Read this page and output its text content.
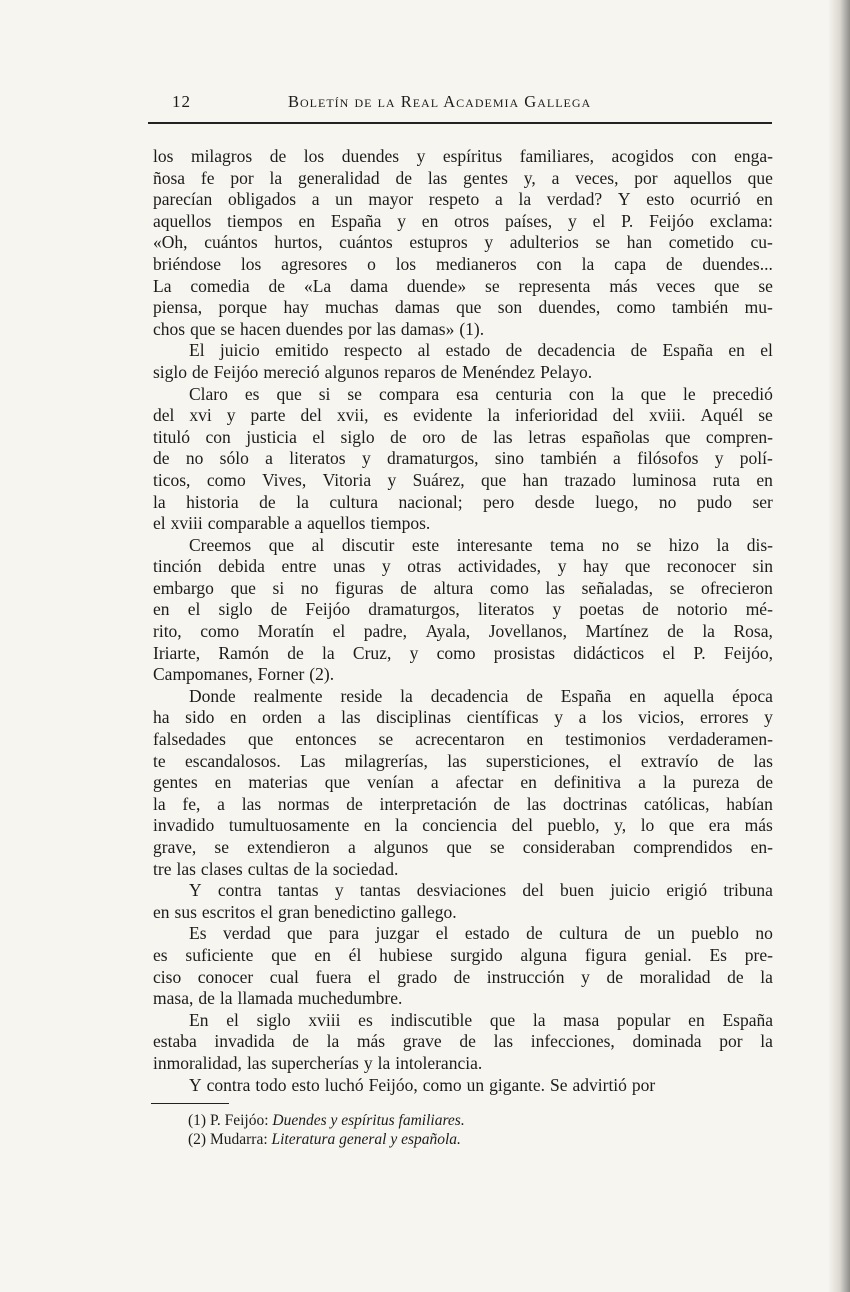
12	Boletín de la Real Academia Gallega
los milagros de los duendes y espíritus familiares, acogidos con enga-
ñosa fe por la generalidad de las gentes y, a veces, por aquellos que
parecían obligados a un mayor respeto a la verdad? Y esto ocurrió en
aquellos tiempos en España y en otros países, y el P. Feijóo exclama:
«Oh, cuántos hurtos, cuántos estupros y adulterios se han cometido cu-
briéndose los agresores o los medianeros con la capa de duendes...
La comedia de «La dama duende» se representa más veces que se
piensa, porque hay muchas damas que son duendes, como también mu-
chos que se hacen duendes por las damas» (1).
El juicio emitido respecto al estado de decadencia de España en el
siglo de Feijóo mereció algunos reparos de Menéndez Pelayo.
Claro es que si se compara esa centuria con la que le precedió
del xvi y parte del xvii, es evidente la inferioridad del xviii. Aquél se
tituló con justicia el siglo de oro de las letras españolas que compren-
de no sólo a literatos y dramaturgos, sino también a filósofos y polí-
ticos, como Vives, Vitoria y Suárez, que han trazado luminosa ruta en
la historia de la cultura nacional; pero desde luego, no pudo ser
el xviii comparable a aquellos tiempos.
Creemos que al discutir este interesante tema no se hizo la dis-
tinción debida entre unas y otras actividades, y hay que reconocer sin
embargo que si no figuras de altura como las señaladas, se ofrecieron
en el siglo de Feijóo dramaturgos, literatos y poetas de notorio mé-
rito, como Moratín el padre, Ayala, Jovellanos, Martínez de la Rosa,
Iriarte, Ramón de la Cruz, y como prosistas didácticos el P. Feijóo,
Campomanes, Forner (2).
Donde realmente reside la decadencia de España en aquella época
ha sido en orden a las disciplinas científicas y a los vicios, errores y
falsedades que entonces se acrecentaron en testimonios verdaderamen-
te escandalosos. Las milagrerías, las supersticiones, el extravío de las
gentes en materias que venían a afectar en definitiva a la pureza de
la fe, a las normas de interpretación de las doctrinas católicas, habían
invadido tumultuosamente en la conciencia del pueblo, y, lo que era más
grave, se extendieron a algunos que se consideraban comprendidos en-
tre las clases cultas de la sociedad.
Y contra tantas y tantas desviaciones del buen juicio erigió tribuna
en sus escritos el gran benedictino gallego.
Es verdad que para juzgar el estado de cultura de un pueblo no
es suficiente que en él hubiese surgido alguna figura genial. Es pre-
ciso conocer cual fuera el grado de instrucción y de moralidad de la
masa, de la llamada muchedumbre.
En el siglo xviii es indiscutible que la masa popular en España
estaba invadida de la más grave de las infecciones, dominada por la
inmoralidad, las supercherías y la intolerancia.
Y contra todo esto luchó Feijóo, como un gigante. Se advirtió por
(1) P. Feijóo: Duendes y espíritus familiares.
(2) Mudarra: Literatura general y española.
